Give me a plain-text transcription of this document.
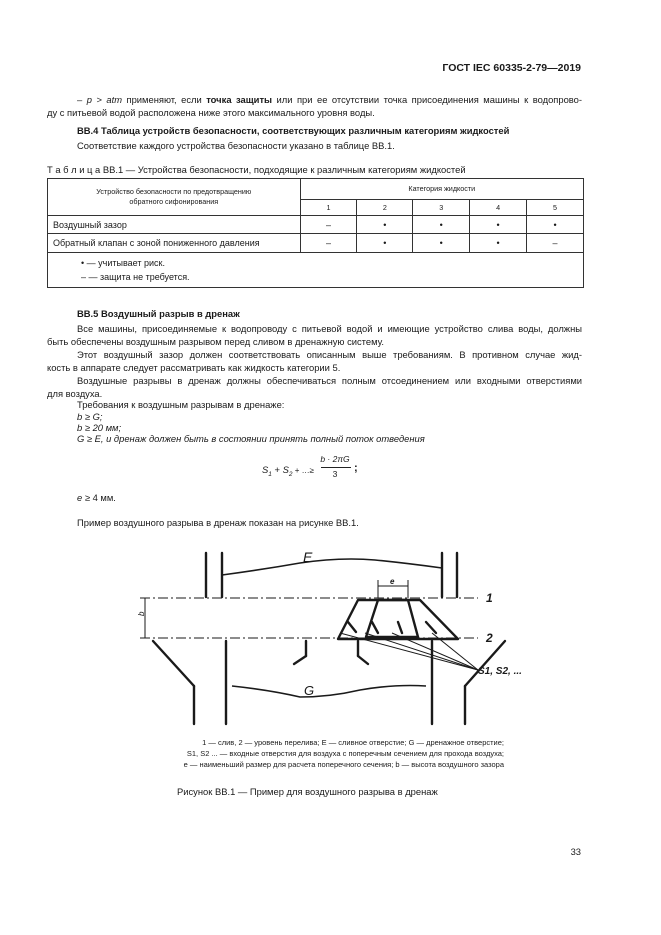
ГОСТ IEC 60335-2-79—2019
– p > atm применяют, если точка защиты или при ее отсутствии точка присоединения машины к водопрово-
ду с питьевой водой расположена ниже этого максимального уровня воды.
ВВ.4 Таблица устройств безопасности, соответствующих различным категориям жидкостей
Соответствие каждого устройства безопасности указано в таблице ВВ.1.
Т а б л и ц а ВВ.1 — Устройства безопасности, подходящие к различным категориям жидкостей
Устройство безопасности по предотвращению
обратного сифонирования	Категория жидкости				
	1	2	3	4	5
Воздушный зазор	–	•	•	•	•
Обратный клапан с зоной пониженного давления	–	•	•	•	–

• — учитывает риск.
– — защита не требуется.					
ВВ.5 Воздушный разрыв в дренаж
Все машины, присоединяемые к водопроводу с питьевой водой и имеющие устройство слива воды, должны
быть обеспечены воздушным разрывом перед сливом в дренажную систему.
Этот воздушный зазор должен соответствовать описанным выше требованиям. В противном случае жид-
кость в аппарате следует рассматривать как жидкость категории 5.
Воздушные разрывы в дренаж должны обеспечиваться полным отсоединением или входными отверстиями
для воздуха.
Требования к воздушным разрывам в дренаже:
b ≥ G;
b ≥ 20 мм;
G ≥ E, и дренаж должен быть в состоянии принять полный поток отведения
$S_1 + S_2$ + …≥
b · 2πG
3	;
e ≥ 4 мм.
Пример воздушного разрыва в дренаж показан на рисунке ВВ.1.
E
G
e
b
1
2
S1, S2, ...
1 — слив, 2 — уровень перелива; E — сливное отверстие; G — дренажное отверстие;
S1, S2 ... — входные отверстия для воздуха с поперечным сечением для прохода воздуха;
e — наименьший размер для расчета поперечного сечения; b — высота воздушного зазора
Рисунок ВВ.1 — Пример для воздушного разрыва в дренаж
33
